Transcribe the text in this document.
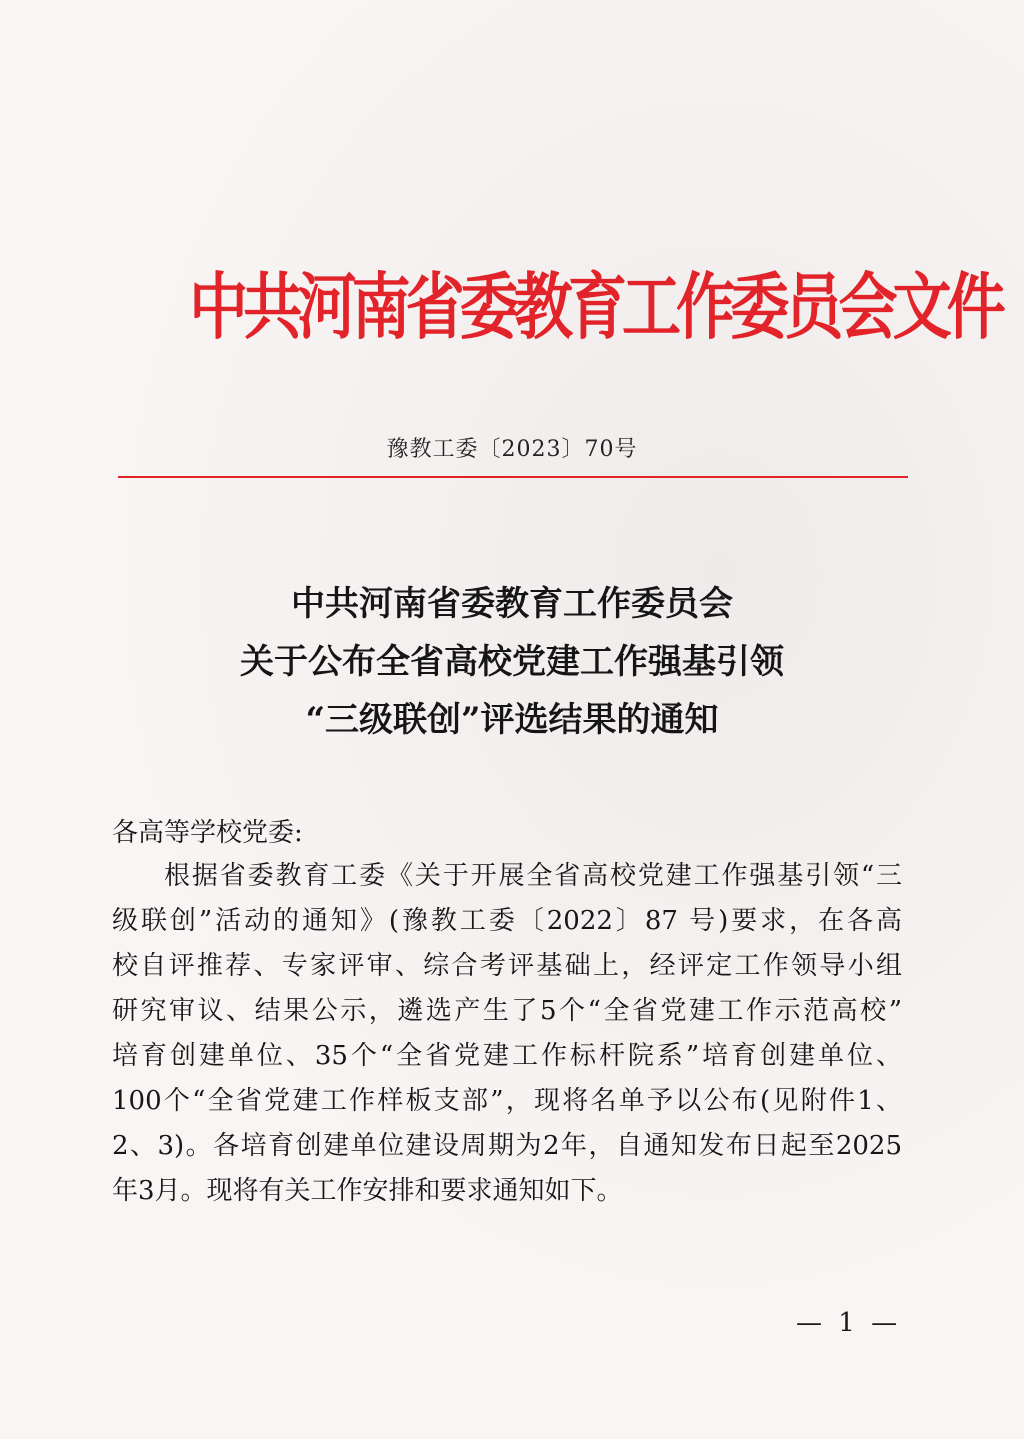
中共河南省委教育工作委员会文件
豫教工委〔2023〕70号
中共河南省委教育工作委员会
关于公布全省高校党建工作强基引领
“三级联创”评选结果的通知
各高等学校党委:
根据省委教育工委《关于开展全省高校党建工作强基引领“三
级联创”活动的通知》(豫教工委〔2022〕87 号)要求，在各高
校自评推荐、专家评审、综合考评基础上，经评定工作领导小组
研究审议、结果公示，遴选产生了5个“全省党建工作示范高校”
培育创建单位、35个“全省党建工作标杆院系”培育创建单位、
100个“全省党建工作样板支部”，现将名单予以公布(见附件1、
2、3)。各培育创建单位建设周期为2年，自通知发布日起至2025
年3月。现将有关工作安排和要求通知如下。
— 1 —
